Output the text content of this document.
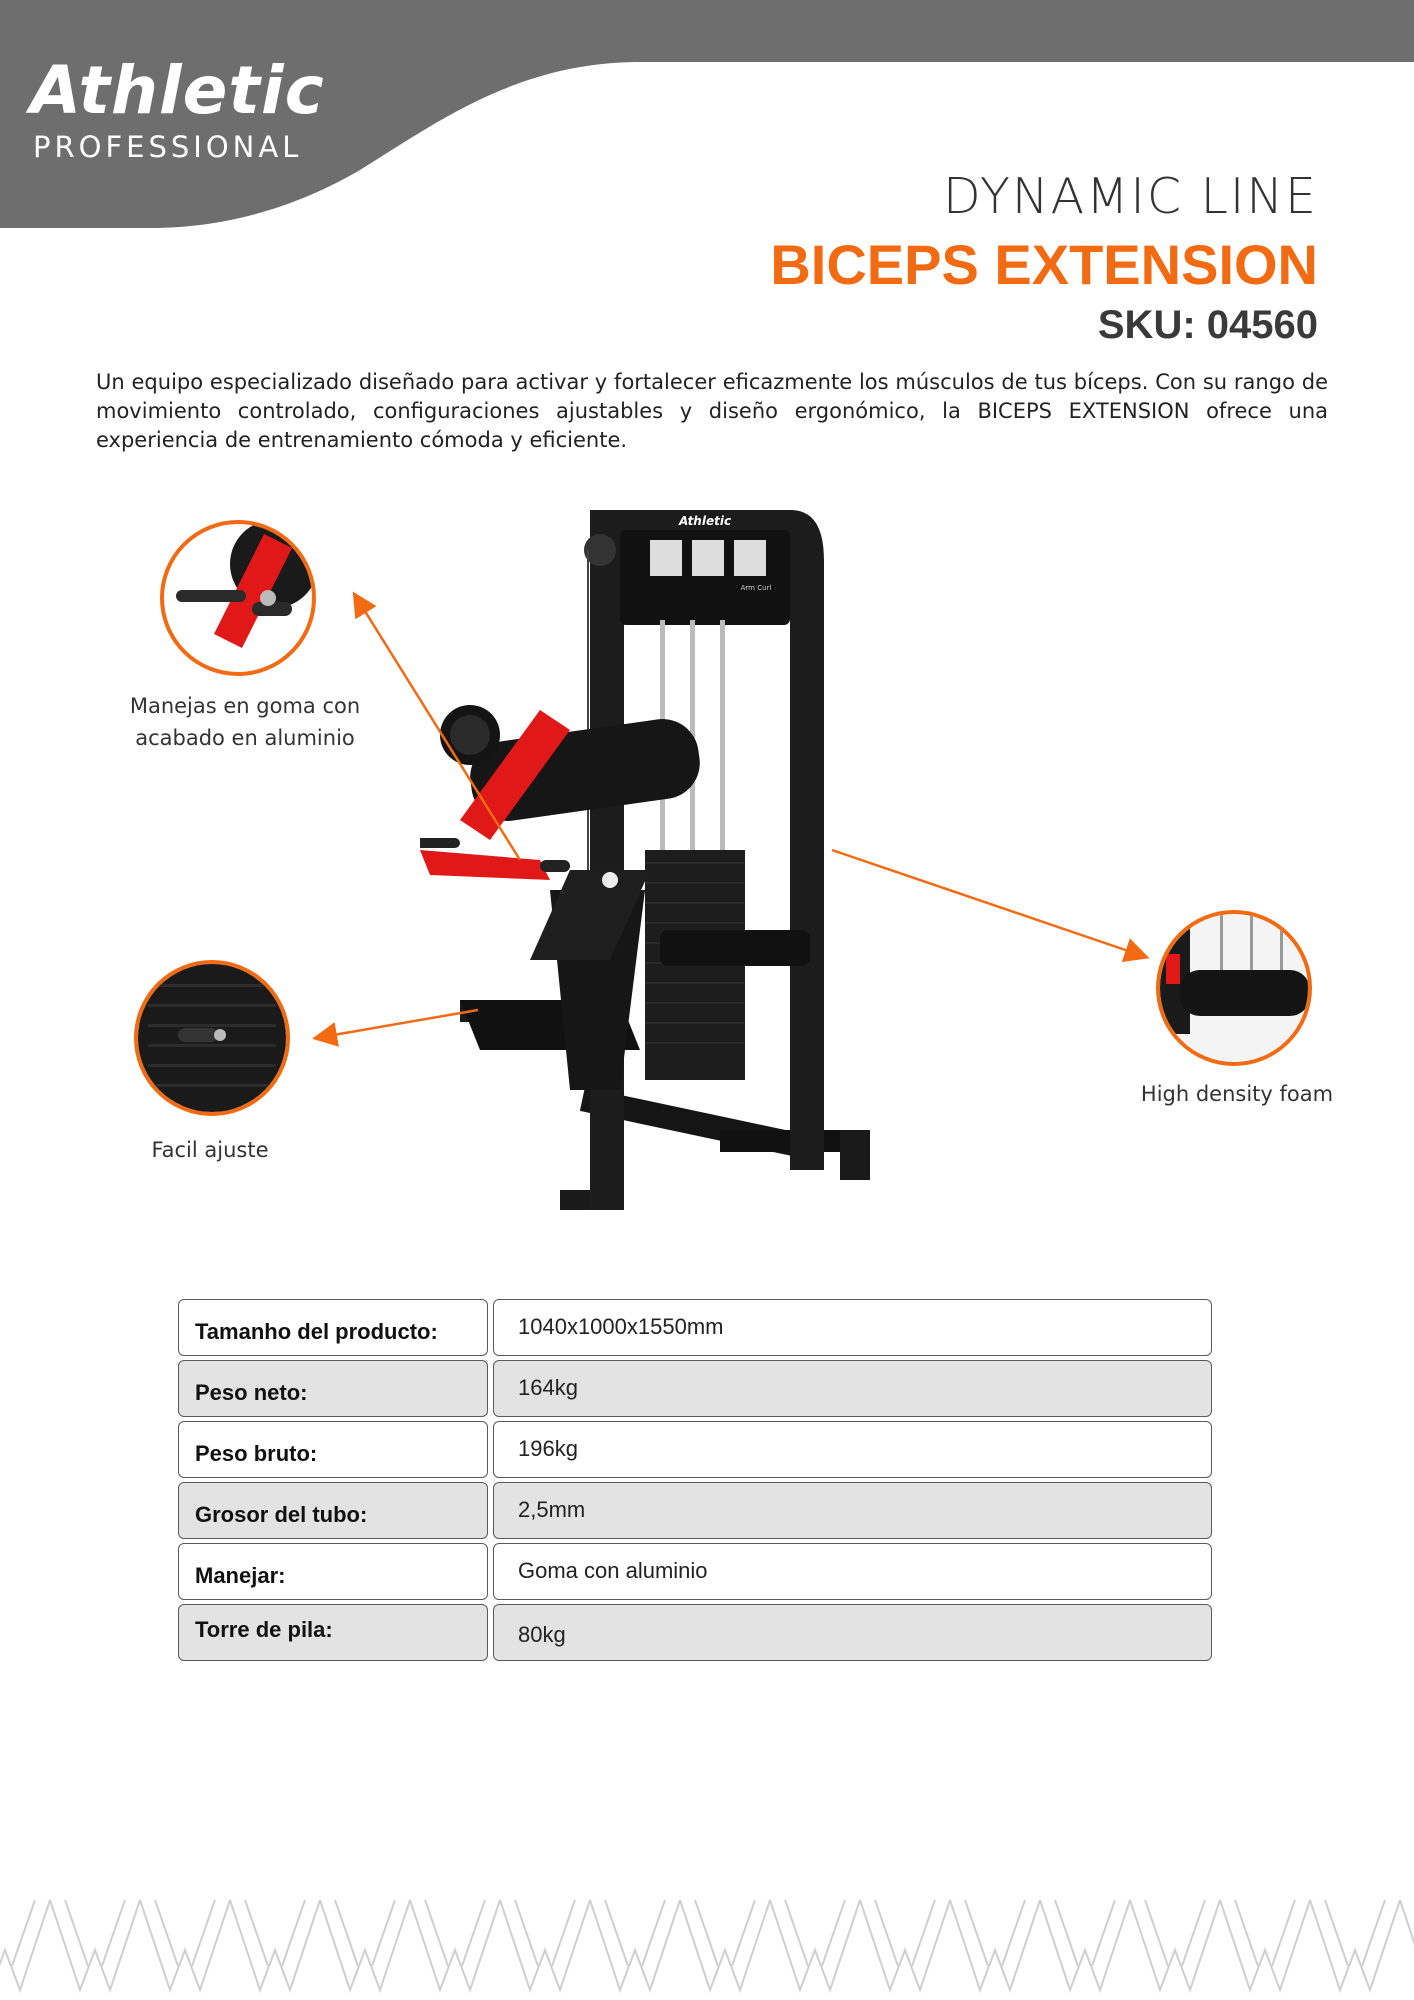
Athletic
PROFESSIONAL
DYNAMIC LINE
BICEPS EXTENSION
SKU: 04560
Un equipo especializado diseñado para activar y fortalecer eficazmente los músculos de tus bíceps. Con su rango de movimiento controlado, configuraciones ajustables y diseño ergonómico, la BICEPS EXTENSION ofrece una experiencia de entrenamiento cómoda y eficiente.
Athletic
Arm Curl
Manejas en goma con acabado en aluminio
Facil ajuste
High density foam
Tamanho del producto:	1040x1000x1550mm
Peso neto:	164kg
Peso bruto:	196kg
Grosor del tubo:	2,5mm
Manejar:	Goma con aluminio
Torre de pila:	80kg
